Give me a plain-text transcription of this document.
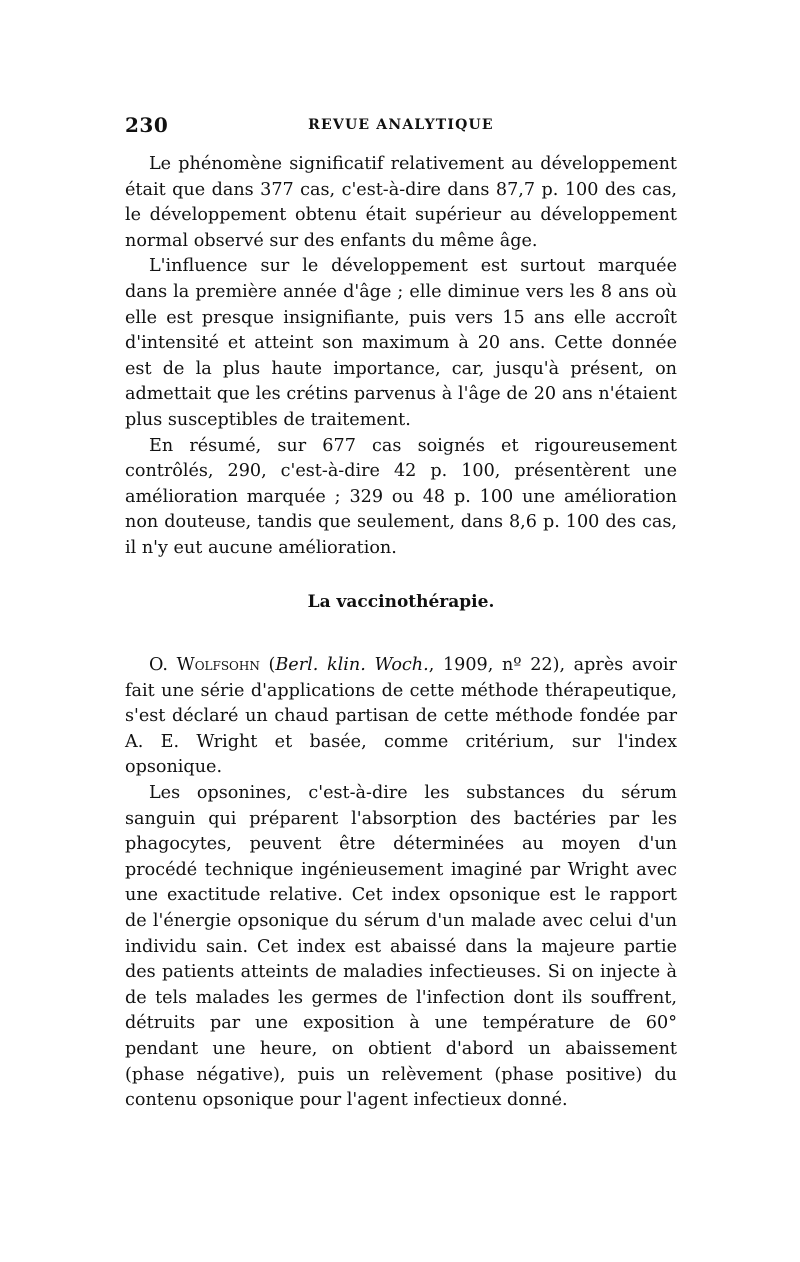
230	REVUE ANALYTIQUE

Le phénomène significatif relativement au développement était que dans 377 cas, c'est-à-dire dans 87,7 p. 100 des cas, le développement obtenu était supérieur au développement normal observé sur des enfants du même âge.

L'influence sur le développement est surtout marquée dans la première année d'âge ; elle diminue vers les 8 ans où elle est presque insignifiante, puis vers 15 ans elle accroît d'intensité et atteint son maximum à 20 ans. Cette donnée est de la plus haute importance, car, jusqu'à présent, on admettait que les crétins parvenus à l'âge de 20 ans n'étaient plus susceptibles de traitement.

En résumé, sur 677 cas soignés et rigoureusement contrôlés, 290, c'est-à-dire 42 p. 100, présentèrent une amélioration marquée ; 329 ou 48 p. 100 une amélioration non douteuse, tandis que seulement, dans 8,6 p. 100 des cas, il n'y eut aucune amélioration.

La vaccinothérapie.

O. Wolfsohn (Berl. klin. Woch., 1909, nº 22), après avoir fait une série d'applications de cette méthode thérapeutique, s'est déclaré un chaud partisan de cette méthode fondée par A. E. Wright et basée, comme critérium, sur l'index opsonique.

Les opsonines, c'est-à-dire les substances du sérum sanguin qui préparent l'absorption des bactéries par les phagocytes, peuvent être déterminées au moyen d'un procédé technique ingénieusement imaginé par Wright avec une exactitude relative. Cet index opsonique est le rapport de l'énergie opsonique du sérum d'un malade avec celui d'un individu sain. Cet index est abaissé dans la majeure partie des patients atteints de maladies infectieuses. Si on injecte à de tels malades les germes de l'infection dont ils souffrent, détruits par une exposition à une température de 60° pendant une heure, on obtient d'abord un abaissement (phase négative), puis un relèvement (phase positive) du contenu opsonique pour l'agent infectieux donné.
